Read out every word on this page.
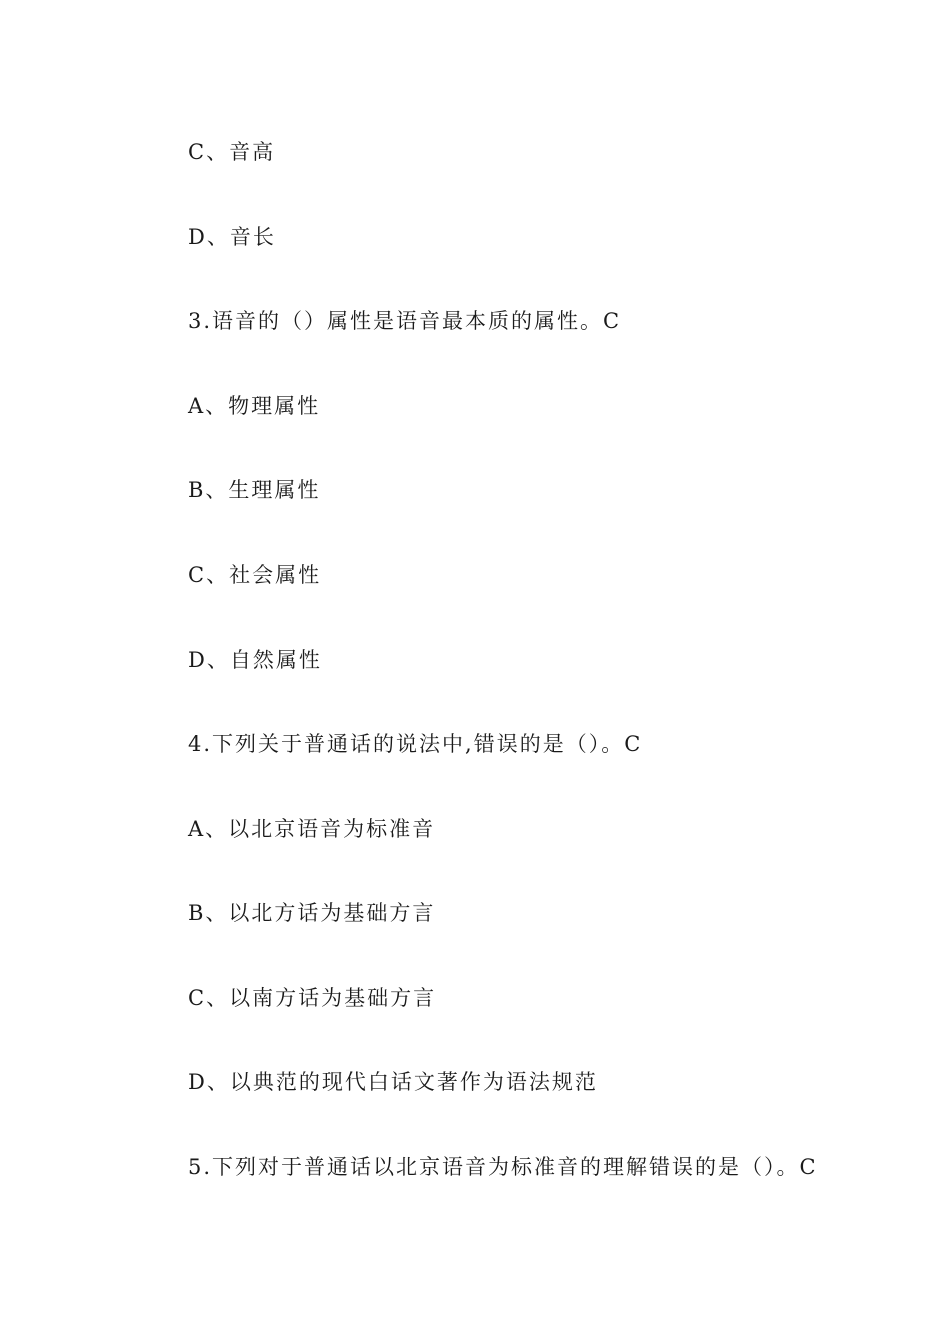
C、音高
D、音长
3.语音的（）属性是语音最本质的属性。C
A、物理属性
B、生理属性
C、社会属性
D、自然属性
4.下列关于普通话的说法中,错误的是（）。C
A、以北京语音为标准音
B、以北方话为基础方言
C、以南方话为基础方言
D、以典范的现代白话文著作为语法规范
5.下列对于普通话以北京语音为标准音的理解错误的是（）。C
